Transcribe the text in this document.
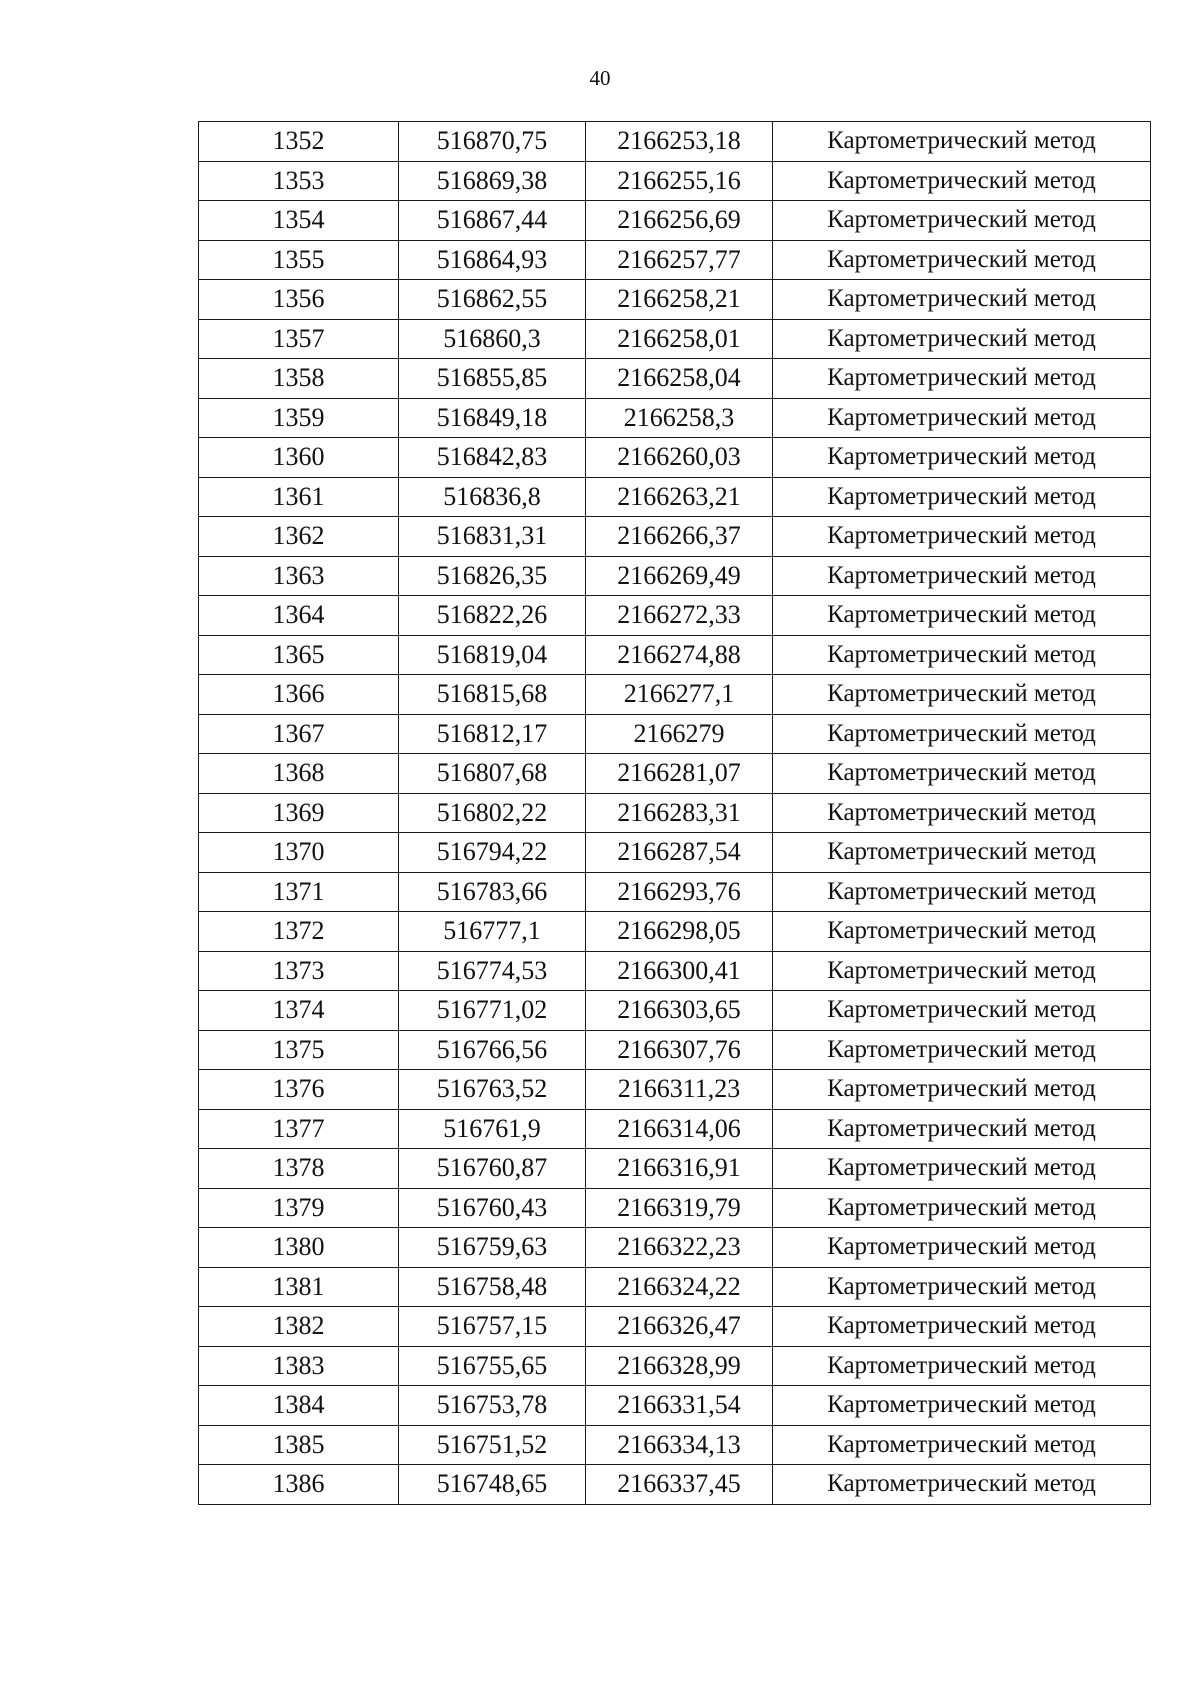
40
1352	516870,75	2166253,18	Картометрический метод
1353	516869,38	2166255,16	Картометрический метод
1354	516867,44	2166256,69	Картометрический метод
1355	516864,93	2166257,77	Картометрический метод
1356	516862,55	2166258,21	Картометрический метод
1357	516860,3	2166258,01	Картометрический метод
1358	516855,85	2166258,04	Картометрический метод
1359	516849,18	2166258,3	Картометрический метод
1360	516842,83	2166260,03	Картометрический метод
1361	516836,8	2166263,21	Картометрический метод
1362	516831,31	2166266,37	Картометрический метод
1363	516826,35	2166269,49	Картометрический метод
1364	516822,26	2166272,33	Картометрический метод
1365	516819,04	2166274,88	Картометрический метод
1366	516815,68	2166277,1	Картометрический метод
1367	516812,17	2166279	Картометрический метод
1368	516807,68	2166281,07	Картометрический метод
1369	516802,22	2166283,31	Картометрический метод
1370	516794,22	2166287,54	Картометрический метод
1371	516783,66	2166293,76	Картометрический метод
1372	516777,1	2166298,05	Картометрический метод
1373	516774,53	2166300,41	Картометрический метод
1374	516771,02	2166303,65	Картометрический метод
1375	516766,56	2166307,76	Картометрический метод
1376	516763,52	2166311,23	Картометрический метод
1377	516761,9	2166314,06	Картометрический метод
1378	516760,87	2166316,91	Картометрический метод
1379	516760,43	2166319,79	Картометрический метод
1380	516759,63	2166322,23	Картометрический метод
1381	516758,48	2166324,22	Картометрический метод
1382	516757,15	2166326,47	Картометрический метод
1383	516755,65	2166328,99	Картометрический метод
1384	516753,78	2166331,54	Картометрический метод
1385	516751,52	2166334,13	Картометрический метод
1386	516748,65	2166337,45	Картометрический метод
